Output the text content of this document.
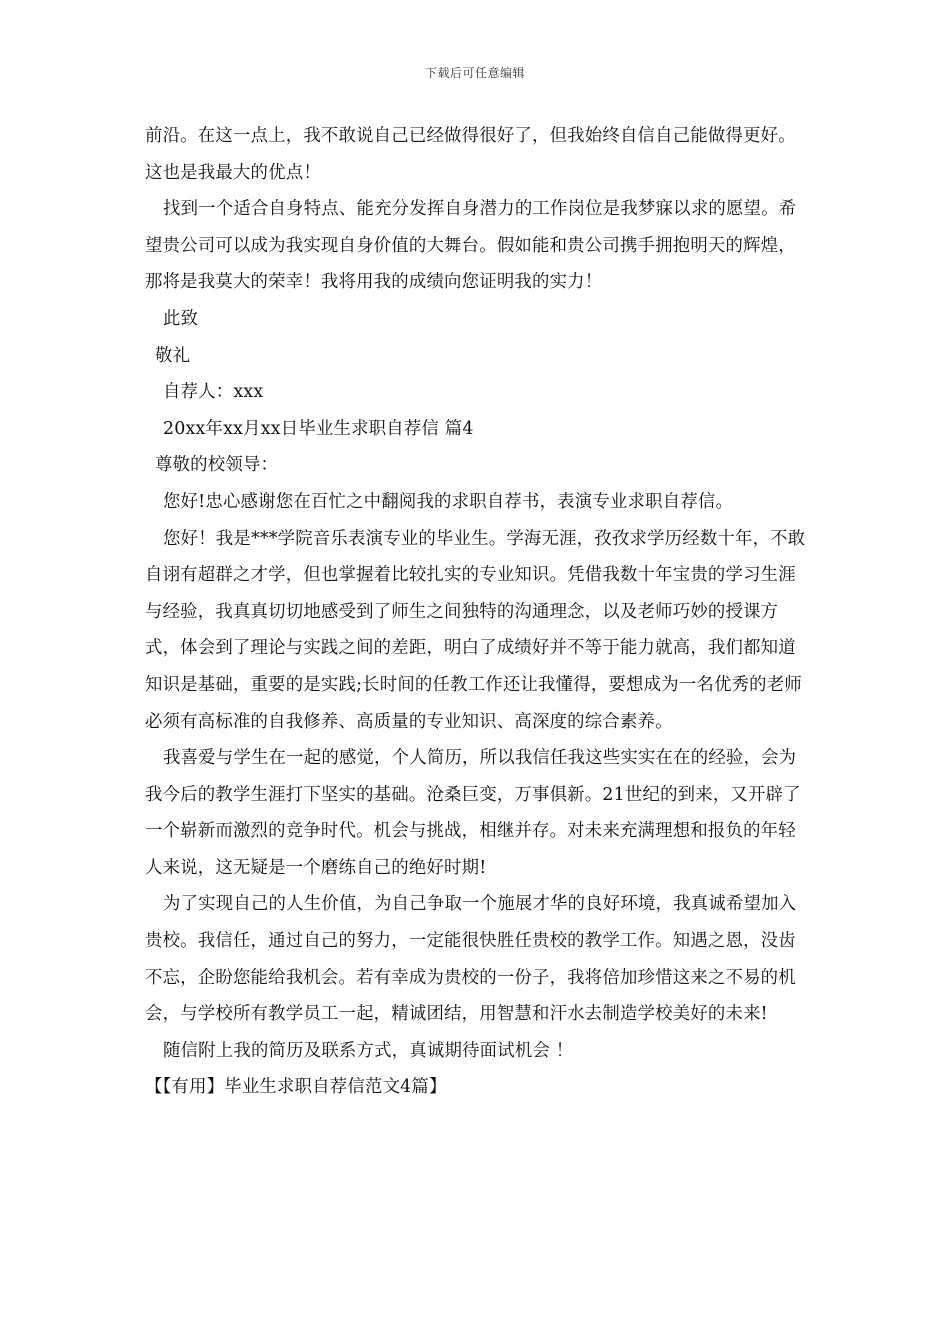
下载后可任意编辑

前沿。在这一点上，我不敢说自己已经做得很好了，但我始终自信自己能做得更好。这也是我最大的优点！

找到一个适合自身特点、能充分发挥自身潜力的工作岗位是我梦寐以求的愿望。希望贵公司可以成为我实现自身价值的大舞台。假如能和贵公司携手拥抱明天的辉煌，那将是我莫大的荣幸！我将用我的成绩向您证明我的实力！

此致

敬礼

自荐人：xxx

20xx年xx月xx日毕业生求职自荐信 篇4

尊敬的校领导：

您好!忠心感谢您在百忙之中翻阅我的求职自荐书，表演专业求职自荐信。

您好！我是***学院音乐表演专业的毕业生。学海无涯，孜孜求学历经数十年，不敢自诩有超群之才学，但也掌握着比较扎实的专业知识。凭借我数十年宝贵的学习生涯与经验，我真真切切地感受到了师生之间独特的沟通理念，以及老师巧妙的授课方式，体会到了理论与实践之间的差距，明白了成绩好并不等于能力就高，我们都知道知识是基础，重要的是实践;长时间的任教工作还让我懂得，要想成为一名优秀的老师必须有高标准的自我修养、高质量的专业知识、高深度的综合素养。

我喜爱与学生在一起的感觉，个人简历，所以我信任我这些实实在在的经验，会为我今后的教学生涯打下坚实的基础。沧桑巨变，万事俱新。21世纪的到来，又开辟了一个崭新而激烈的竞争时代。机会与挑战，相继并存。对未来充满理想和报负的年轻人来说，这无疑是一个磨练自己的绝好时期!

为了实现自己的人生价值，为自己争取一个施展才华的良好环境，我真诚希望加入贵校。我信任，通过自己的努力，一定能很快胜任贵校的教学工作。知遇之恩，没齿不忘，企盼您能给我机会。若有幸成为贵校的一份子，我将倍加珍惜这来之不易的机会，与学校所有教学员工一起，精诚团结，用智慧和汗水去制造学校美好的未来!

随信附上我的简历及联系方式，真诚期待面试机会 ！

【【有用】毕业生求职自荐信范文4篇】
